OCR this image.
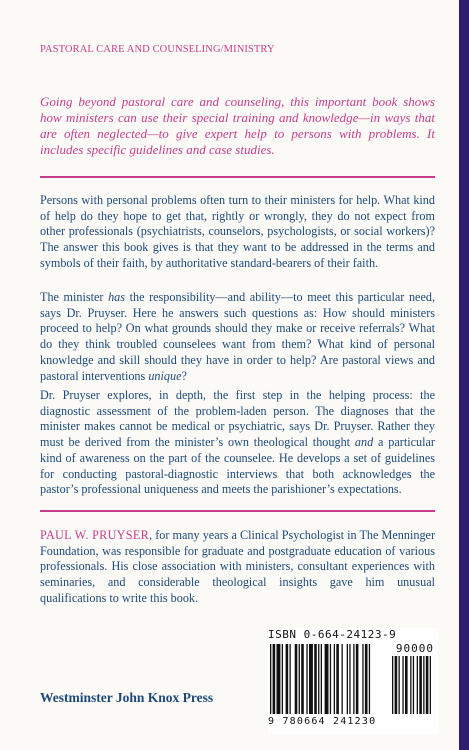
PASTORAL CARE AND COUNSELING/MINISTRY
Going beyond pastoral care and counseling, this important book shows how ministers can use their special training and knowledge—in ways that are often neglected—to give expert help to persons with problems. It includes specific guidelines and case studies.

Persons with personal problems often turn to their ministers for help. What kind of help do they hope to get that, rightly or wrongly, they do not expect from other professionals (psychiatrists, counselors, psychologists, or social workers)? The answer this book gives is that they want to be addressed in the terms and symbols of their faith, by authoritative standard-bearers of their faith.

The minister has the responsibility—and ability—to meet this particular need, says Dr. Pruyser. Here he answers such questions as: How should ministers proceed to help? On what grounds should they make or receive referrals? What do they think troubled counselees want from them? What kind of personal knowledge and skill should they have in order to help? Are pastoral views and pastoral interventions unique?

Dr. Pruyser explores, in depth, the first step in the helping process: the diagnostic assessment of the problem-laden person. The diagnoses that the minister makes cannot be medical or psychiatric, says Dr. Pruyser. Rather they must be derived from the minister’s own theological thought and a particular kind of awareness on the part of the counselee. He develops a set of guidelines for conducting pastoral-diagnostic interviews that both acknowledges the pastor’s professional uniqueness and meets the parishioner’s expectations.

PAUL W. PRUYSER, for many years a Clinical Psychologist in The Menninger Foundation, was responsible for graduate and postgraduate education of various professionals. His close association with ministers, consultant experiences with seminaries, and considerable theological insights gave him unusual qualifications to write this book.

ISBN 0-664-24123-9
90000
9 780664 241230
Westminster John Knox Press
